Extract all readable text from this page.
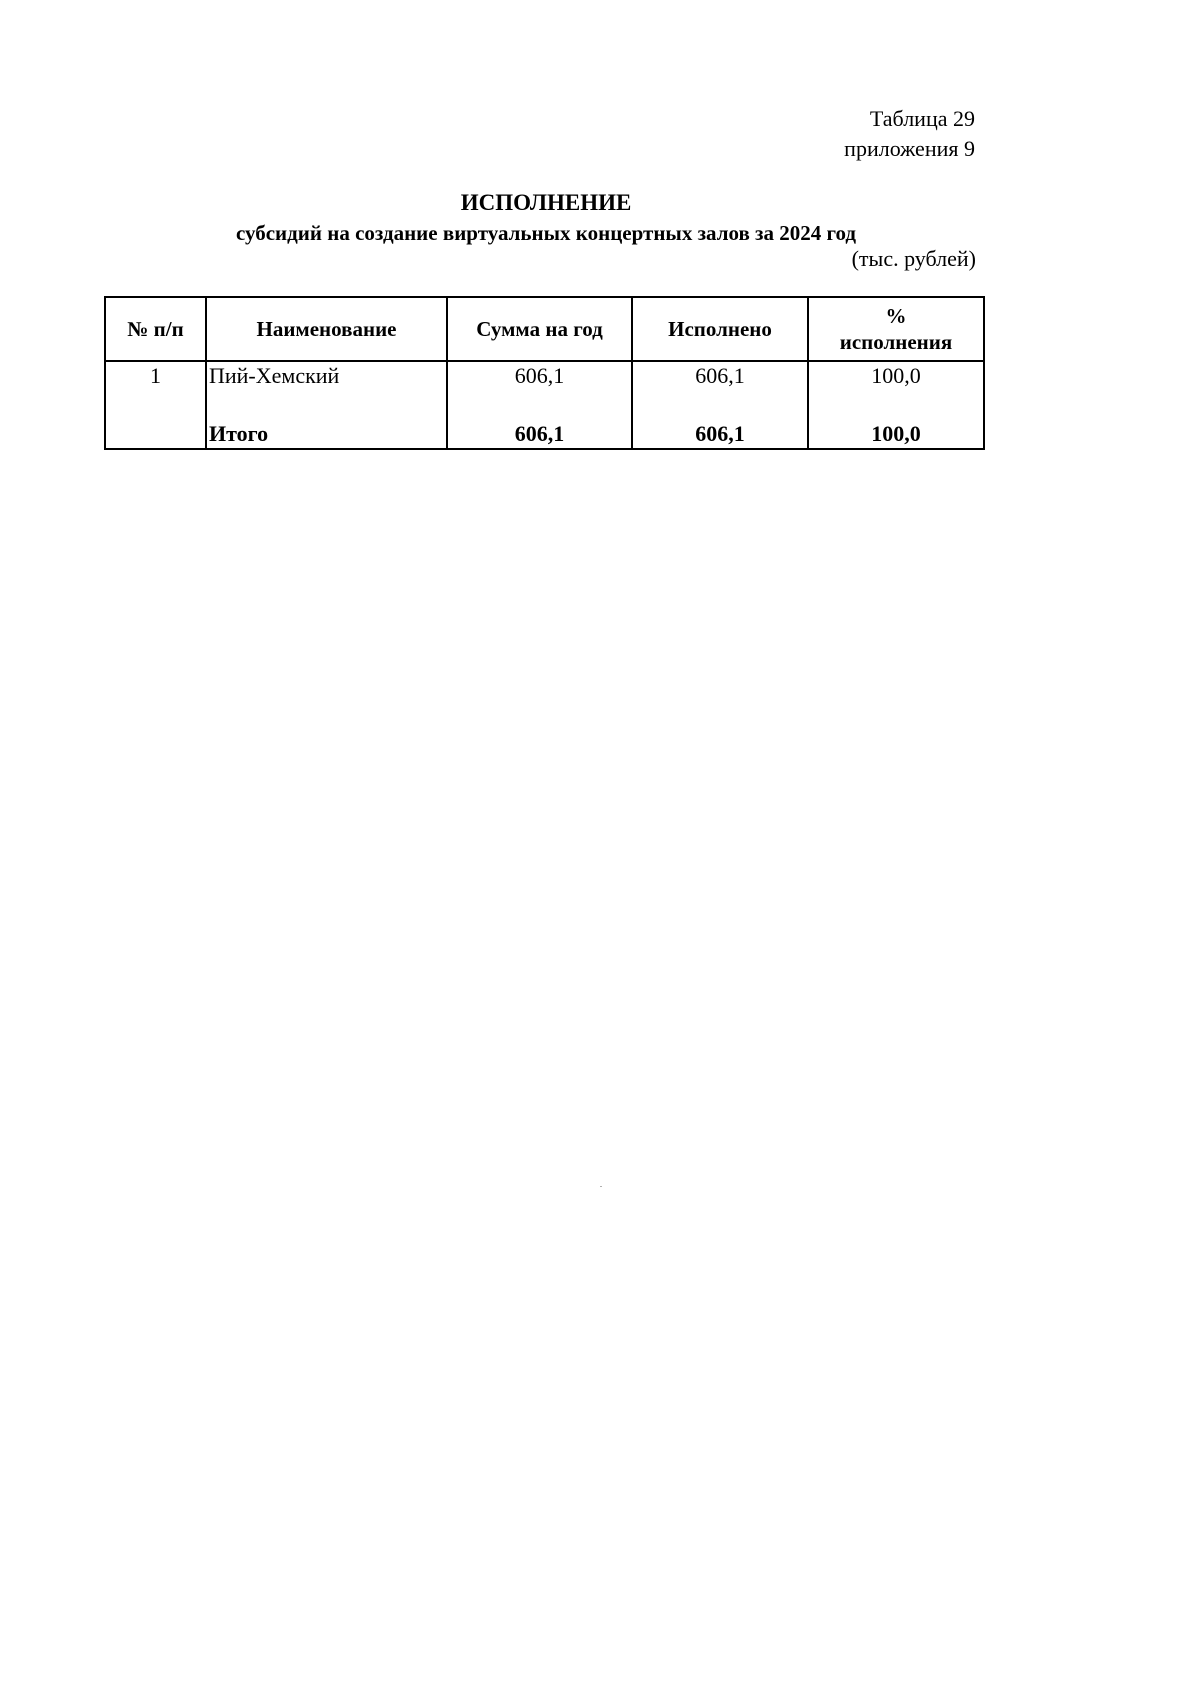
Таблица 29
приложения 9
ИСПОЛНЕНИЕ
субсидий на создание виртуальных концертных залов за 2024 год
(тыс. рублей)
№ п/п	Наименование	Сумма на год	Исполнено	%
исполнения

1	Пий-Хемский	606,1	606,1	100,0
	Итого	606,1	606,1	100,0
